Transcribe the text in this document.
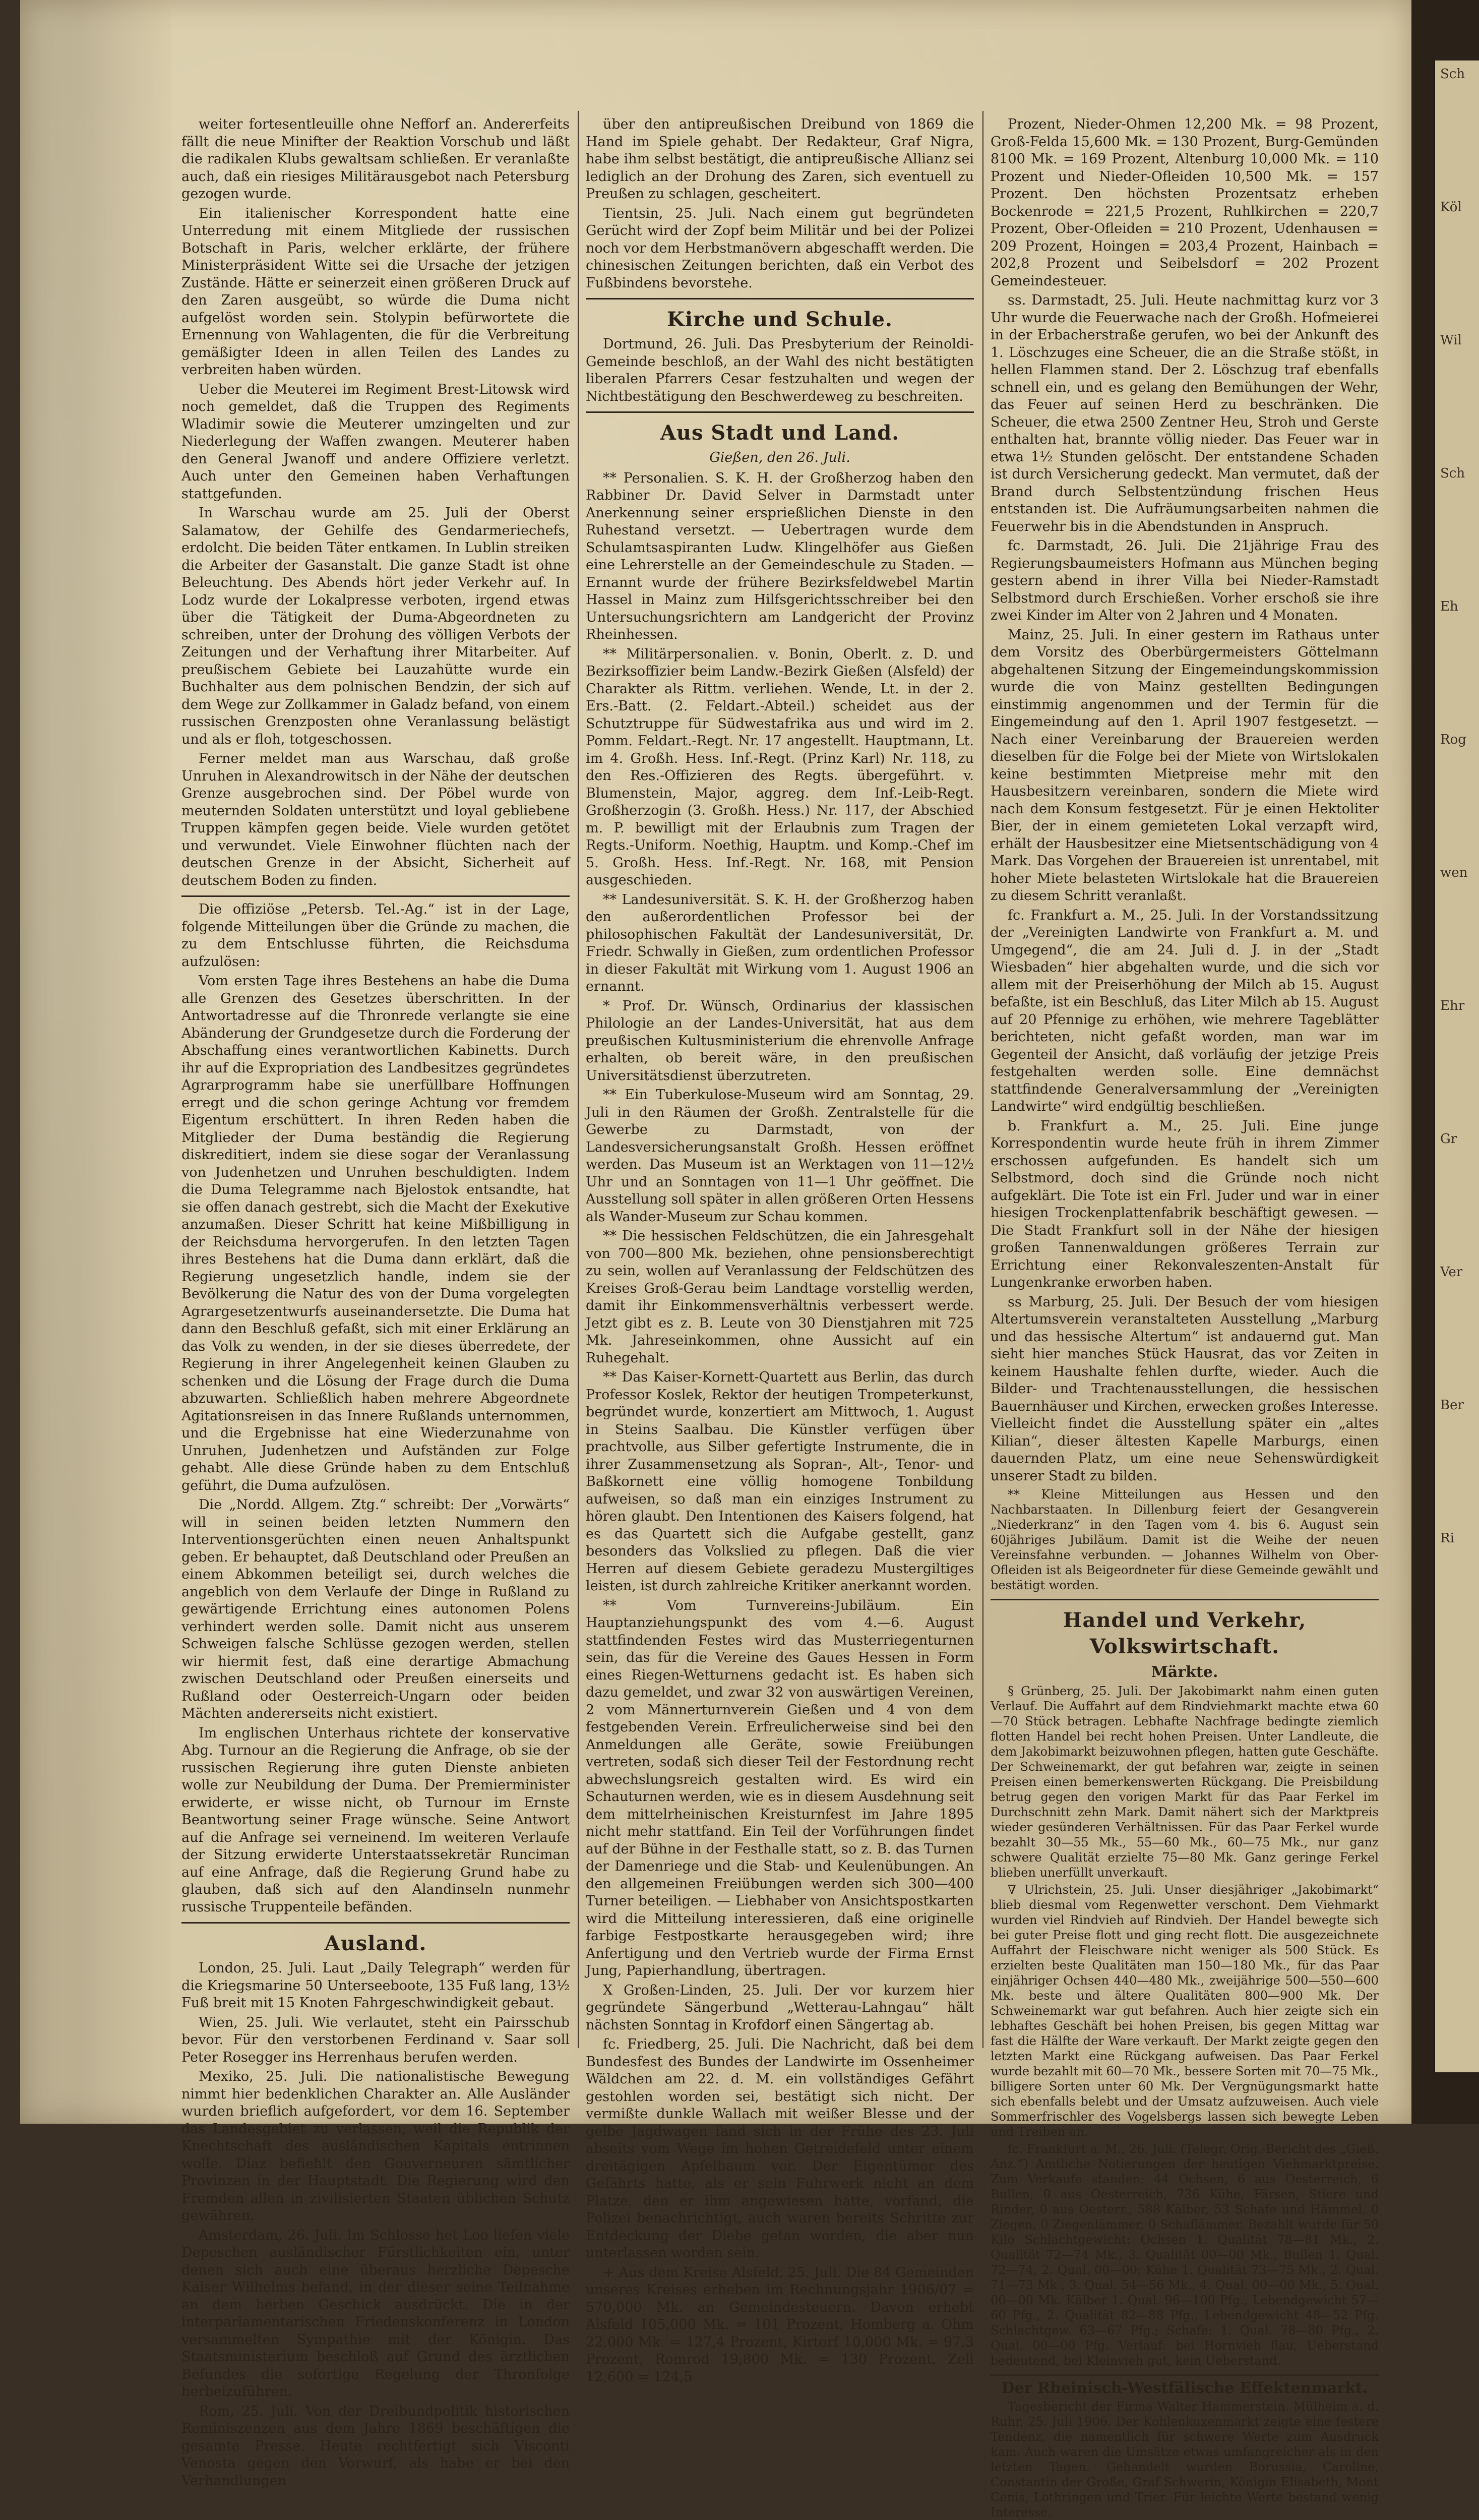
weiter fortesentleuille ohne Nefforf an. Andererfeits fällt die neue Minifter der Reaktion Vorschub und läßt die radikalen Klubs gewaltsam schließen. Er veranlaßte auch, daß ein riesiges Militärausgebot nach Petersburg gezogen wurde.

Ein italienischer Korrespondent hatte eine Unterredung mit einem Mitgliede der russischen Botschaft in Paris, welcher erklärte, der frühere Ministerpräsident Witte sei die Ursache der jetzigen Zustände. Hätte er seinerzeit einen größeren Druck auf den Zaren ausgeübt, so würde die Duma nicht aufgelöst worden sein. Stolypin befürwortete die Ernennung von Wahlagenten, die für die Verbreitung gemäßigter Ideen in allen Teilen des Landes zu verbreiten haben würden.

Ueber die Meuterei im Regiment Brest-Litowsk wird noch gemeldet, daß die Truppen des Regiments Wladimir sowie die Meuterer umzingelten und zur Niederlegung der Waffen zwangen. Meuterer haben den General Jwanoff und andere Offiziere verletzt. Auch unter den Gemeinen haben Verhaftungen stattgefunden.

In Warschau wurde am 25. Juli der Oberst Salamatow, der Gehilfe des Gendarmeriechefs, erdolcht. Die beiden Täter entkamen. In Lublin streiken die Arbeiter der Gasanstalt. Die ganze Stadt ist ohne Beleuchtung. Des Abends hört jeder Verkehr auf. In Lodz wurde der Lokalpresse verboten, irgend etwas über die Tätigkeit der Duma-Abgeordneten zu schreiben, unter der Drohung des völligen Verbots der Zeitungen und der Verhaftung ihrer Mitarbeiter. Auf preußischem Gebiete bei Lauzahütte wurde ein Buchhalter aus dem polnischen Bendzin, der sich auf dem Wege zur Zollkammer in Galadz befand, von einem russischen Grenzposten ohne Veranlassung belästigt und als er floh, totgeschossen.

Ferner meldet man aus Warschau, daß große Unruhen in Alexandrowitsch in der Nähe der deutschen Grenze ausgebrochen sind. Der Pöbel wurde von meuternden Soldaten unterstützt und loyal gebliebene Truppen kämpfen gegen beide. Viele wurden getötet und verwundet. Viele Einwohner flüchten nach der deutschen Grenze in der Absicht, Sicherheit auf deutschem Boden zu finden.

Die offiziöse „Petersb. Tel.-Ag.“ ist in der Lage, folgende Mitteilungen über die Gründe zu machen, die zu dem Entschlusse führten, die Reichsduma aufzulösen:

Vom ersten Tage ihres Bestehens an habe die Duma alle Grenzen des Gesetzes überschritten. In der Antwortadresse auf die Thronrede verlangte sie eine Abänderung der Grundgesetze durch die Forderung der Abschaffung eines verantwortlichen Kabinetts. Durch ihr auf die Expropriation des Landbesitzes gegründetes Agrarprogramm habe sie unerfüllbare Hoffnungen erregt und die schon geringe Achtung vor fremdem Eigentum erschüttert. In ihren Reden haben die Mitglieder der Duma beständig die Regierung diskreditiert, indem sie diese sogar der Veranlassung von Judenhetzen und Unruhen beschuldigten. Indem die Duma Telegramme nach Bjelostok entsandte, hat sie offen danach gestrebt, sich die Macht der Exekutive anzumaßen. Dieser Schritt hat keine Mißbilligung in der Reichsduma hervorgerufen. In den letzten Tagen ihres Bestehens hat die Duma dann erklärt, daß die Regierung ungesetzlich handle, indem sie der Bevölkerung die Natur des von der Duma vorgelegten Agrargesetzentwurfs auseinandersetzte. Die Duma hat dann den Beschluß gefaßt, sich mit einer Erklärung an das Volk zu wenden, in der sie dieses überredete, der Regierung in ihrer Angelegenheit keinen Glauben zu schenken und die Lösung der Frage durch die Duma abzuwarten. Schließlich haben mehrere Abgeordnete Agitationsreisen in das Innere Rußlands unternommen, und die Ergebnisse hat eine Wiederzunahme von Unruhen, Judenhetzen und Aufständen zur Folge gehabt. Alle diese Gründe haben zu dem Entschluß geführt, die Duma aufzulösen.

Die „Nordd. Allgem. Ztg.“ schreibt: Der „Vorwärts“ will in seinen beiden letzten Nummern den Interventionsgerüchten einen neuen Anhaltspunkt geben. Er behauptet, daß Deutschland oder Preußen an einem Abkommen beteiligt sei, durch welches die angeblich von dem Verlaufe der Dinge in Rußland zu gewärtigende Errichtung eines autonomen Polens verhindert werden solle. Damit nicht aus unserem Schweigen falsche Schlüsse gezogen werden, stellen wir hiermit fest, daß eine derartige Abmachung zwischen Deutschland oder Preußen einerseits und Rußland oder Oesterreich-Ungarn oder beiden Mächten andererseits nicht existiert.

Im englischen Unterhaus richtete der konservative Abg. Turnour an die Regierung die Anfrage, ob sie der russischen Regierung ihre guten Dienste anbieten wolle zur Neubildung der Duma. Der Premierminister erwiderte, er wisse nicht, ob Turnour im Ernste Beantwortung seiner Frage wünsche. Seine Antwort auf die Anfrage sei verneinend. Im weiteren Verlaufe der Sitzung erwiderte Unterstaatssekretär Runciman auf eine Anfrage, daß die Regierung Grund habe zu glauben, daß sich auf den Alandinseln nunmehr russische Truppenteile befänden.

Ausland.

London, 25. Juli. Laut „Daily Telegraph“ werden für die Kriegsmarine 50 Unterseeboote, 135 Fuß lang, 13½ Fuß breit mit 15 Knoten Fahrgeschwindigkeit gebaut.

Wien, 25. Juli. Wie verlautet, steht ein Pairsschub bevor. Für den verstorbenen Ferdinand v. Saar soll Peter Rosegger ins Herrenhaus berufen werden.

Mexiko, 25. Juli. Die nationalistische Bewegung nimmt hier bedenklichen Charakter an. Alle Ausländer wurden brieflich aufgefordert, vor dem 16. September das Landesgebiet zu verlassen, weil die Republik der Knechtschaft des ausländischen Kapitals entrinnen wolle. Diaz befiehlt den Gouverneuren sämtlicher Provinzen in der Hauptstadt. Die Regierung wird den Fremden allen in zivilisierten Staaten üblichen Schutz gewähren.

Amsterdam, 26. Juli. Im Schlosse het Loo liefen viele Depeschen ausländischer Fürstlichkeiten ein, unter denen sich auch eine überaus herzliche Depesche Kaiser Wilhelms befand, in der dieser seine Teilnahme an dem herben Geschick ausdrückt. Die in der interparlamentarischen Friedenskonferenz in London versammelten Sympathie mit der Königin. Das Staatsministerium beschloß auf Grund des ärztlichen Befundes die sofortige Regelung der Thronfolge herbeizuführen.

Rom, 25. Juli. Von der Dreibundpolitik historischen Reminiszenzen aus dem Jahre 1869 beschäftigen die gesamte Presse. Heute rechtfertigt sich Visconti Venosta gegen den Vorwurf, als habe er bei den Verhandlungen

über den antipreußischen Dreibund von 1869 die Hand im Spiele gehabt. Der Redakteur, Graf Nigra, habe ihm selbst bestätigt, die antipreußische Allianz sei lediglich an der Drohung des Zaren, sich eventuell zu Preußen zu schlagen, gescheitert.

Tientsin, 25. Juli. Nach einem gut begründeten Gerücht wird der Zopf beim Militär und bei der Polizei noch vor dem Herbstmanövern abgeschafft werden. Die chinesischen Zeitungen berichten, daß ein Verbot des Fußbindens bevorstehe.

Kirche und Schule.

Dortmund, 26. Juli. Das Presbyterium der Reinoldi-Gemeinde beschloß, an der Wahl des nicht bestätigten liberalen Pfarrers Cesar festzuhalten und wegen der Nichtbestätigung den Beschwerdeweg zu beschreiten.

Aus Stadt und Land.
Gießen, den 26. Juli.

** Personalien. S. K. H. der Großherzog haben den Rabbiner Dr. David Selver in Darmstadt unter Anerkennung seiner ersprießlichen Dienste in den Ruhestand versetzt. — Uebertragen wurde dem Schulamtsaspiranten Ludw. Klingelhöfer aus Gießen eine Lehrerstelle an der Gemeindeschule zu Staden. — Ernannt wurde der frühere Bezirksfeldwebel Martin Hassel in Mainz zum Hilfsgerichtsschreiber bei den Untersuchungsrichtern am Landgericht der Provinz Rheinhessen.

** Militärpersonalien. v. Bonin, Oberlt. z. D. und Bezirksoffizier beim Landw.-Bezirk Gießen (Alsfeld) der Charakter als Rittm. verliehen. Wende, Lt. in der 2. Ers.-Batt. (2. Feldart.-Abteil.) scheidet aus der Schutztruppe für Südwestafrika aus und wird im 2. Pomm. Feldart.-Regt. Nr. 17 angestellt. Hauptmann, Lt. im 4. Großh. Hess. Inf.-Regt. (Prinz Karl) Nr. 118, zu den Res.-Offizieren des Regts. übergeführt. v. Blumenstein, Major, aggreg. dem Inf.-Leib-Regt. Großherzogin (3. Großh. Hess.) Nr. 117, der Abschied m. P. bewilligt mit der Erlaubnis zum Tragen der Regts.-Uniform. Noethig, Hauptm. und Komp.-Chef im 5. Großh. Hess. Inf.-Regt. Nr. 168, mit Pension ausgeschieden.

** Landesuniversität. S. K. H. der Großherzog haben den außerordentlichen Professor bei der philosophischen Fakultät der Landesuniversität, Dr. Friedr. Schwally in Gießen, zum ordentlichen Professor in dieser Fakultät mit Wirkung vom 1. August 1906 an ernannt.

* Prof. Dr. Wünsch, Ordinarius der klassischen Philologie an der Landes-Universität, hat aus dem preußischen Kultusministerium die ehrenvolle Anfrage erhalten, ob bereit wäre, in den preußischen Universitätsdienst überzutreten.

** Ein Tuberkulose-Museum wird am Sonntag, 29. Juli in den Räumen der Großh. Zentralstelle für die Gewerbe zu Darmstadt, von der Landesversicherungsanstalt Großh. Hessen eröffnet werden. Das Museum ist an Werktagen von 11—12½ Uhr und an Sonntagen von 11—1 Uhr geöffnet. Die Ausstellung soll später in allen größeren Orten Hessens als Wander-Museum zur Schau kommen.

** Die hessischen Feldschützen, die ein Jahresgehalt von 700—800 Mk. beziehen, ohne pensionsberechtigt zu sein, wollen auf Veranlassung der Feldschützen des Kreises Groß-Gerau beim Landtage vorstellig werden, damit ihr Einkommensverhältnis verbessert werde. Jetzt gibt es z. B. Leute von 30 Dienstjahren mit 725 Mk. Jahreseinkommen, ohne Aussicht auf ein Ruhegehalt.

** Das Kaiser-Kornett-Quartett aus Berlin, das durch Professor Koslek, Rektor der heutigen Trompeterkunst, begründet wurde, konzertiert am Mittwoch, 1. August in Steins Saalbau. Die Künstler verfügen über prachtvolle, aus Silber gefertigte Instrumente, die in ihrer Zusammensetzung als Sopran-, Alt-, Tenor- und Baßkornett eine völlig homogene Tonbildung aufweisen, so daß man ein einziges Instrument zu hören glaubt. Den Intentionen des Kaisers folgend, hat es das Quartett sich die Aufgabe gestellt, ganz besonders das Volkslied zu pflegen. Daß die vier Herren auf diesem Gebiete geradezu Mustergiltiges leisten, ist durch zahlreiche Kritiker anerkannt worden.

** Vom Turnvereins-Jubiläum. Ein Hauptanziehungspunkt des vom 4.—6. August stattfindenden Festes wird das Musterriegenturnen sein, das für die Vereine des Gaues Hessen in Form eines Riegen-Wetturnens gedacht ist. Es haben sich dazu gemeldet, und zwar 32 von auswärtigen Vereinen, 2 vom Männerturnverein Gießen und 4 von dem festgebenden Verein. Erfreulicherweise sind bei den Anmeldungen alle Geräte, sowie Freiübungen vertreten, sodaß sich dieser Teil der Festordnung recht abwechslungsreich gestalten wird. Es wird ein Schauturnen werden, wie es in diesem Ausdehnung seit dem mittelrheinischen Kreisturnfest im Jahre 1895 nicht mehr stattfand. Ein Teil der Vorführungen findet auf der Bühne in der Festhalle statt, so z. B. das Turnen der Damenriege und die Stab- und Keulenübungen. An den allgemeinen Freiübungen werden sich 300—400 Turner beteiligen. — Liebhaber von Ansichtspostkarten wird die Mitteilung interessieren, daß eine originelle farbige Festpostkarte herausgegeben wird; ihre Anfertigung und den Vertrieb wurde der Firma Ernst Jung, Papierhandlung, übertragen.

X Großen-Linden, 25. Juli. Der vor kurzem hier gegründete Sängerbund „Wetterau-Lahngau“ hält nächsten Sonntag in Krofdorf einen Sängertag ab.

fc. Friedberg, 25. Juli. Die Nachricht, daß bei dem Bundesfest des Bundes der Landwirte im Ossenheimer Wäldchen am 22. d. M. ein vollständiges Gefährt gestohlen worden sei, bestätigt sich nicht. Der vermißte dunkle Wallach mit weißer Blesse und der gelbe Jagdwagen fand sich in der Frühe des 23. Juli abseits vom Wege im hohen Getreidefeld unter einem dreitägigen Apfelbaum vor. Der Eigentümer des Gefährts hatte, als er sein Fuhrwerk nicht an dem Platze, den er ihm angewiesen hatte, vorfand, die Polizei benachrichtigt, auch waren bereits Schritte zur Entdeckung der Diebe getan worden, die aber nun unterlassen worden sein.

+ Aus dem Kreise Alsfeld, 25. Juli. Die 84 Gemeinden unseres Kreises erheben im Rechnungsjahr 1906/07 = 570,000 Mk. an Gemeindesteuern. Davon erhebt Alsfeld 105,000 Mk. = 101 Prozent, Homberg a. Ohm 22,000 Mk. = 127,4 Prozent, Kirtorf 10,000 Mk. = 97,3 Prozent, Romrod 19,800 Mk. = 130 Prozent, Zell 12,600 = 124,5

Prozent, Nieder-Ohmen 12,200 Mk. = 98 Prozent, Groß-Felda 15,600 Mk. = 130 Prozent, Burg-Gemünden 8100 Mk. = 169 Prozent, Altenburg 10,000 Mk. = 110 Prozent und Nieder-Ofleiden 10,500 Mk. = 157 Prozent. Den höchsten Prozentsatz erheben Bockenrode = 221,5 Prozent, Ruhlkirchen = 220,7 Prozent, Ober-Ofleiden = 210 Prozent, Udenhausen = 209 Prozent, Hoingen = 203,4 Prozent, Hainbach = 202,8 Prozent und Seibelsdorf = 202 Prozent Gemeindesteuer.

ss. Darmstadt, 25. Juli. Heute nachmittag kurz vor 3 Uhr wurde die Feuerwache nach der Großh. Hofmeierei in der Erbacherstraße gerufen, wo bei der Ankunft des 1. Löschzuges eine Scheuer, die an die Straße stößt, in hellen Flammen stand. Der 2. Löschzug traf ebenfalls schnell ein, und es gelang den Bemühungen der Wehr, das Feuer auf seinen Herd zu beschränken. Die Scheuer, die etwa 2500 Zentner Heu, Stroh und Gerste enthalten hat, brannte völlig nieder. Das Feuer war in etwa 1½ Stunden gelöscht. Der entstandene Schaden ist durch Versicherung gedeckt. Man vermutet, daß der Brand durch Selbstentzündung frischen Heus entstanden ist. Die Aufräumungsarbeiten nahmen die Feuerwehr bis in die Abendstunden in Anspruch.

fc. Darmstadt, 26. Juli. Die 21jährige Frau des Regierungsbaumeisters Hofmann aus München beging gestern abend in ihrer Villa bei Nieder-Ramstadt Selbstmord durch Erschießen. Vorher erschoß sie ihre zwei Kinder im Alter von 2 Jahren und 4 Monaten.

Mainz, 25. Juli. In einer gestern im Rathaus unter dem Vorsitz des Oberbürgermeisters Göttelmann abgehaltenen Sitzung der Eingemeindungskommission wurde die von Mainz gestellten Bedingungen einstimmig angenommen und der Termin für die Eingemeindung auf den 1. April 1907 festgesetzt. — Nach einer Vereinbarung der Brauereien werden dieselben für die Folge bei der Miete von Wirtslokalen keine bestimmten Mietpreise mehr mit den Hausbesitzern vereinbaren, sondern die Miete wird nach dem Konsum festgesetzt. Für je einen Hektoliter Bier, der in einem gemieteten Lokal verzapft wird, erhält der Hausbesitzer eine Mietsentschädigung von 4 Mark. Das Vorgehen der Brauereien ist unrentabel, mit hoher Miete belasteten Wirtslokale hat die Brauereien zu diesem Schritt veranlaßt.

fc. Frankfurt a. M., 25. Juli. In der Vorstandssitzung der „Vereinigten Landwirte von Frankfurt a. M. und Umgegend“, die am 24. Juli d. J. in der „Stadt Wiesbaden“ hier abgehalten wurde, und die sich vor allem mit der Preiserhöhung der Milch ab 15. August befaßte, ist ein Beschluß, das Liter Milch ab 15. August auf 20 Pfennige zu erhöhen, wie mehrere Tageblätter berichteten, nicht gefaßt worden, man war im Gegenteil der Ansicht, daß vorläufig der jetzige Preis festgehalten werden solle. Eine demnächst stattfindende Generalversammlung der „Vereinigten Landwirte“ wird endgültig beschließen.

b. Frankfurt a. M., 25. Juli. Eine junge Korrespondentin wurde heute früh in ihrem Zimmer erschossen aufgefunden. Es handelt sich um Selbstmord, doch sind die Gründe noch nicht aufgeklärt. Die Tote ist ein Frl. Juder und war in einer hiesigen Trockenplattenfabrik beschäftigt gewesen. — Die Stadt Frankfurt soll in der Nähe der hiesigen großen Tannenwaldungen größeres Terrain zur Errichtung einer Rekonvaleszenten-Anstalt für Lungenkranke erworben haben.

ss Marburg, 25. Juli. Der Besuch der vom hiesigen Altertumsverein veranstalteten Ausstellung „Marburg und das hessische Altertum“ ist andauernd gut. Man sieht hier manches Stück Hausrat, das vor Zeiten in keinem Haushalte fehlen durfte, wieder. Auch die Bilder- und Trachtenausstellungen, die hessischen Bauernhäuser und Kirchen, erwecken großes Interesse. Vielleicht findet die Ausstellung später ein „altes Kilian“, dieser ältesten Kapelle Marburgs, einen dauernden Platz, um eine neue Sehenswürdigkeit unserer Stadt zu bilden.

** Kleine Mitteilungen aus Hessen und den Nachbarstaaten. In Dillenburg feiert der Gesangverein „Niederkranz“ in den Tagen vom 4. bis 6. August sein 60jähriges Jubiläum. Damit ist die Weihe der neuen Vereinsfahne verbunden. — Johannes Wilhelm von Ober-Ofleiden ist als Beigeordneter für diese Gemeinde gewählt und bestätigt worden.

Handel und Verkehr, Volkswirtschaft.
Märkte.

§ Grünberg, 25. Juli. Der Jakobimarkt nahm einen guten Verlauf. Die Auffahrt auf dem Rindviehmarkt machte etwa 60—70 Stück betragen. Lebhafte Nachfrage bedingte ziemlich flotten Handel bei recht hohen Preisen. Unter Landleute, die dem Jakobimarkt beizuwohnen pflegen, hatten gute Geschäfte. Der Schweinemarkt, der gut befahren war, zeigte in seinen Preisen einen bemerkenswerten Rückgang. Die Preisbildung betrug gegen den vorigen Markt für das Paar Ferkel im Durchschnitt zehn Mark. Damit nähert sich der Marktpreis wieder gesünderen Verhältnissen. Für das Paar Ferkel wurde bezahlt 30—55 Mk., 55—60 Mk., 60—75 Mk., nur ganz schwere Qualität erzielte 75—80 Mk. Ganz geringe Ferkel blieben unerfüllt unverkauft.

∇ Ulrichstein, 25. Juli. Unser diesjähriger „Jakobimarkt“ blieb diesmal vom Regenwetter verschont. Dem Viehmarkt wurden viel Rindvieh auf Rindvieh. Der Handel bewegte sich bei guter Preise flott und ging recht flott. Die ausgezeichnete Auffahrt der Fleischware nicht weniger als 500 Stück. Es erzielten beste Qualitäten man 150—180 Mk., für das Paar einjähriger Ochsen 440—480 Mk., zweijährige 500—550—600 Mk. beste und ältere Qualitäten 800—900 Mk. Der Schweinemarkt war gut befahren. Auch hier zeigte sich ein lebhaftes Geschäft bei hohen Preisen, bis gegen Mittag war fast die Hälfte der Ware verkauft. Der Markt zeigte gegen den letzten Markt eine Rückgang aufweisen. Das Paar Ferkel wurde bezahlt mit 60—70 Mk., bessere Sorten mit 70—75 Mk., billigere Sorten unter 60 Mk. Der Vergnügungsmarkt hatte sich ebenfalls belebt und der Umsatz aufzuweisen. Auch viele Sommerfrischler des Vogelsbergs lassen sich bewegte Leben und Treiben an.

fc. Frankfurt a. M., 26. Juli. (Telegr. Orig.-Bericht des „Gieß. Anz.“) Amtliche Notierungen der heutigen Viehmarktpreise. Zum Verkaufe standen: 44 Ochsen, 6 aus Oesterreich, 6 Bullen, 0 aus Oesterreich, 736 Kühe, Färsen, Stiere und Rinder, 0 aus Oesterr., 588 Kälber, 53 Schafe und Hämmel, 0 Ziegen, 0 Ziegenlämmer, 0 Schaflämmer. Bezahlt wurde für 50 Kilo Schlachtgewicht: Ochsen 1. Qualität 78—81 Mk., 2. Qualität 72—74 Mk., 3. Qualität 00—00 Mk., Bullen 1. Qual. 72—74, 2. Qual. 00—00; Kühe 1. Qualität 73—75 Mk., 2. Qual. 71—73 Mk., 3. Qual. 54—56 Mk., 4. Qual. 00—00 Mk., 5. Qual. 00—00 Mk. Kälber 1. Qual. 96—100 Pfg., Lebendgewicht 57—60 Pfg., 2. Qualität 82—88 Pfg., Lebendgewicht 48—52 Pfg. Schlachtgew. 63—67 Pfg.; Schafe: 1. Qual. 78—80 Pfg., 2. Qual. 00—00 Pfg. Verlauf: bei Hornvieh flau, Ueberstand bedeutend, bei Kleinvieh gut, kein Ueberstand.

Der Rheinisch-Westfälische Effektenmarkt.

Tagesbericht der Firma Walter Hammerstein. Mülheim a. d. Ruhr, 25. Juli 1906. Der Kohlenkuxenmarkt zeigte eine festere Tendenz, die namentlich für schwere Werte zum Ausdruck kam. Auch waren die Umsätze etwas umfangreicher als in den letzten Tagen. Gehandelt wurden Borussia, Caroline, Constantin der Große, Graf Schwerin, Königin Elisabeth, Mont Cenis, Lothringen und Trier. Für leichte Werte bestand wenig Interesse.

Sch
Köl
Wil
Sch
Eh
Rog
wen
Ehr
Gr
Ver
Ber
Ri
